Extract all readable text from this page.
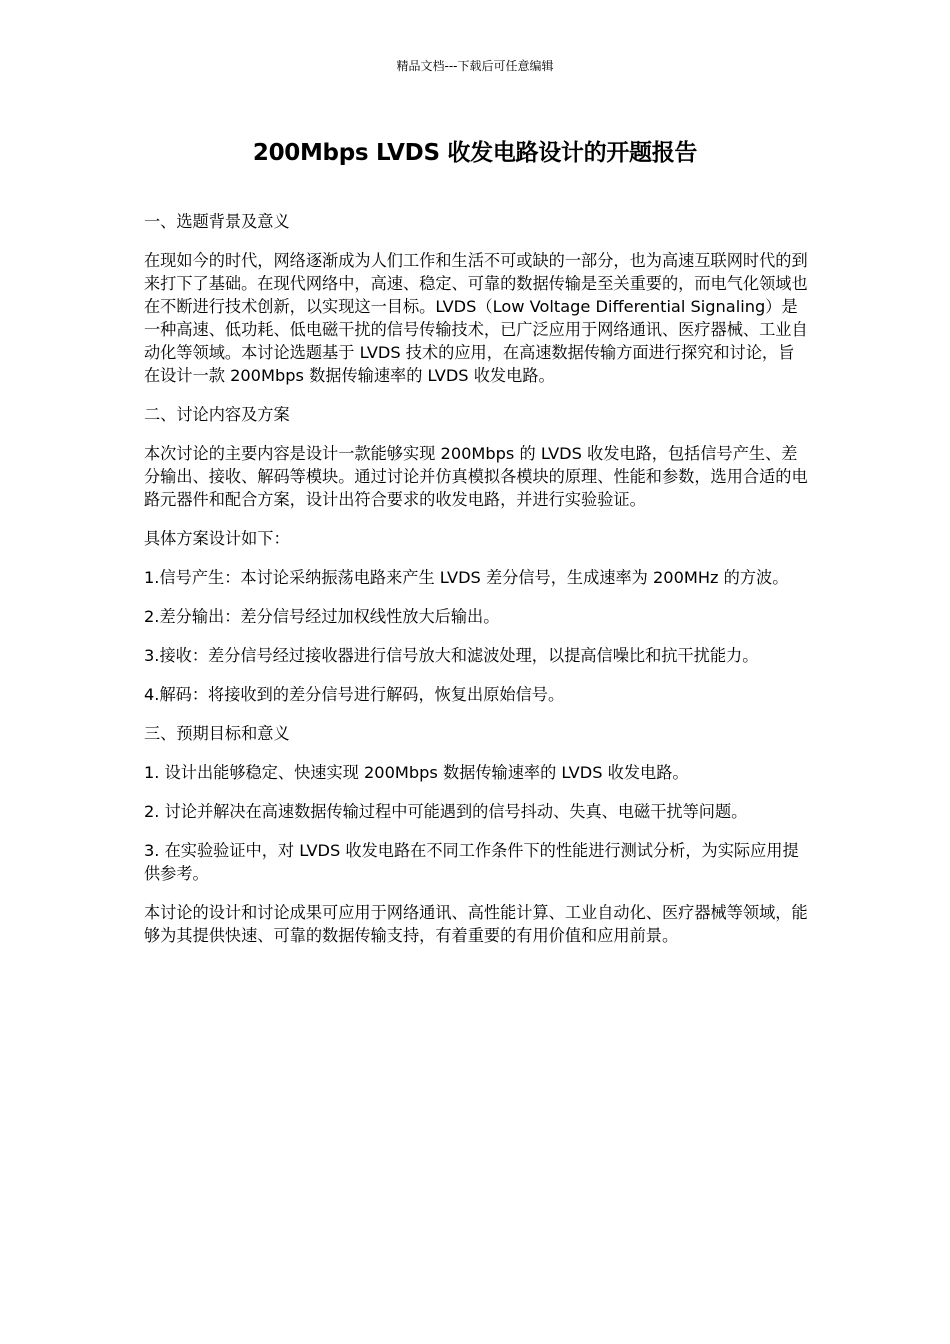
精品文档---下载后可任意编辑
200Mbps LVDS 收发电路设计的开题报告

一、选题背景及意义

在现如今的时代，网络逐渐成为人们工作和生活不可或缺的一部分，也为高速互联网时代的到来打下了基础。在现代网络中，高速、稳定、可靠的数据传输是至关重要的，而电气化领域也在不断进行技术创新，以实现这一目标。LVDS（Low Voltage Differential Signaling）是一种高速、低功耗、低电磁干扰的信号传输技术，已广泛应用于网络通讯、医疗器械、工业自动化等领域。本讨论选题基于 LVDS 技术的应用，在高速数据传输方面进行探究和讨论，旨在设计一款 200Mbps 数据传输速率的 LVDS 收发电路。

二、讨论内容及方案

本次讨论的主要内容是设计一款能够实现 200Mbps 的 LVDS 收发电路，包括信号产生、差分输出、接收、解码等模块。通过讨论并仿真模拟各模块的原理、性能和参数，选用合适的电路元器件和配合方案，设计出符合要求的收发电路，并进行实验验证。

具体方案设计如下：

1.信号产生：本讨论采纳振荡电路来产生 LVDS 差分信号，生成速率为 200MHz 的方波。

2.差分输出：差分信号经过加权线性放大后输出。

3.接收：差分信号经过接收器进行信号放大和滤波处理，以提高信噪比和抗干扰能力。

4.解码：将接收到的差分信号进行解码，恢复出原始信号。

三、预期目标和意义

1. 设计出能够稳定、快速实现 200Mbps 数据传输速率的 LVDS 收发电路。

2. 讨论并解决在高速数据传输过程中可能遇到的信号抖动、失真、电磁干扰等问题。

3. 在实验验证中，对 LVDS 收发电路在不同工作条件下的性能进行测试分析，为实际应用提供参考。

本讨论的设计和讨论成果可应用于网络通讯、高性能计算、工业自动化、医疗器械等领域，能够为其提供快速、可靠的数据传输支持，有着重要的有用价值和应用前景。
